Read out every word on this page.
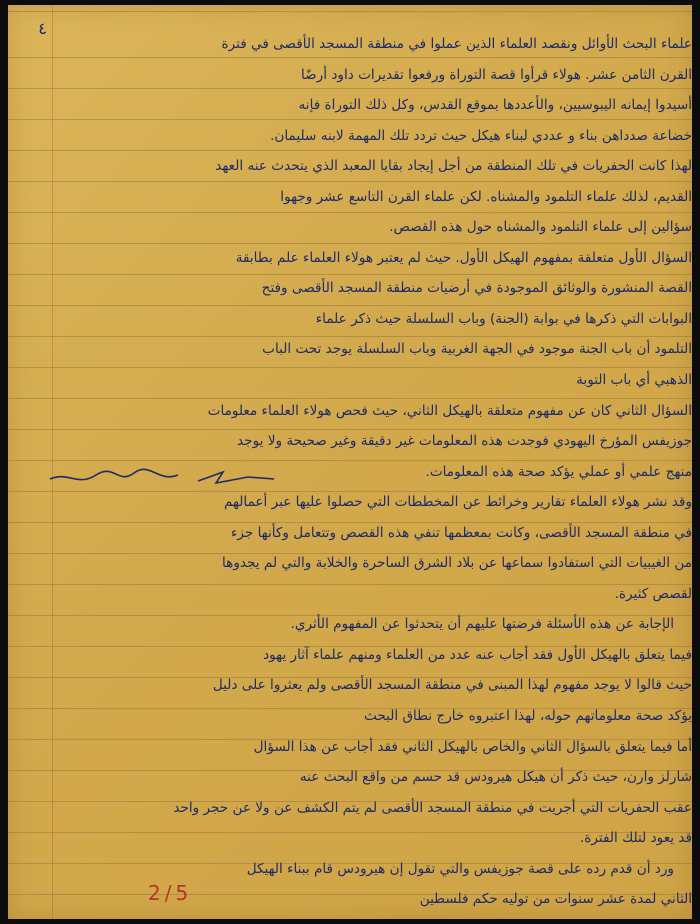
٤

علماء البحث الأوائل ونقصد العلماء الذين عملوا في منطقة المسجد الأقصى في فترة

القرن الثامن عشر. هولاء قرأوا قصة التوراة ورفعوا تقديرات داود أرضًا

أسيدوا إيمانه اليبوسيين، والأعددها بموقع القدس، وكل ذلك التوراة فإنه

خضاعة صدداهن بناء و عددي لبناء هيكل حيث تردد تلك المهمة لابنه سليمان.

لهذا كانت الحفريات في تلك المنطقة من أجل إيجاد بقايا المعبد الذي يتحدث عنه العهد

القديم، لذلك علماء التلمود والمشناه. لكن علماء القرن التاسع عشر وجهوا

سؤالين إلى علماء التلمود والمشناه حول هذه القصص.

السؤال الأول متعلقة بمفهوم الهيكل الأول. حيث لم يعتبر هولاء العلماء علم بطابقة

القصة المنشورة والوثائق الموجودة في أرضيات منطقة المسجد الأقصى وفتح

البوابات التي ذكرها في بوابة (الجنة) وباب السلسلة حيث ذكر علماء

التلمود أن باب الجنة موجود في الجهة الغربية وباب السلسلة يوجد تحت الباب

الذهبي أي باب التوبة

السؤال الثاني كان عن مفهوم متعلقة بالهيكل الثاني، حيث فحص هولاء العلماء معلومات

جوزيفس المؤرخ اليهودي فوجدت هذه المعلومات غير دقيقة وغير صحيحة ولا يوجد

منهج علمي أو عملي يؤكد صحة هذه المعلومات.

وقد نشر هولاء العلماء تقارير وخرائط عن المخططات التي حصلوا عليها عبر أعمالهم

في منطقة المسجد الأقصى، وكانت بمعظمها تنفي هذه القصص وتتعامل وكأنها جزء

من الغيبيات التي استفادوا سماعها عن بلاد الشرق الساحرة والخلابة والتي لم يجدوها

لقصص كثيرة.

الإجابة عن هذه الأسئلة فرضتها عليهم أن يتحدثوا عن المفهوم الأثري.

فيما يتعلق بالهيكل الأول فقد أجاب عنه عدد من العلماء ومنهم علماء آثار يهود

حيث قالوا لا يوجد مفهوم لهذا المبنى في منطقة المسجد الأقصى ولم يعثروا على دليل

يؤكد صحة معلوماتهم حوله، لهذا اعتبروه خارج نطاق البحث

أما فيما يتعلق بالسؤال الثاني والخاص بالهيكل الثاني فقد أجاب عن هذا السؤال

شارلز وارن، حيث ذكر أن هيكل هيرودس قد حسم من واقع البحث عنه

عقب الحفريات التي أجريت في منطقة المسجد الأقصى لم يتم الكشف عن ولا عن حجر واحد

قد يعود لتلك الفترة.

ورد أن قدم رده على قصة جوزيفس والتي تقول إن هيرودس قام ببناء الهيكل

الثاني لمدة عشر سنوات من توليه حكم فلسطين

2/5
